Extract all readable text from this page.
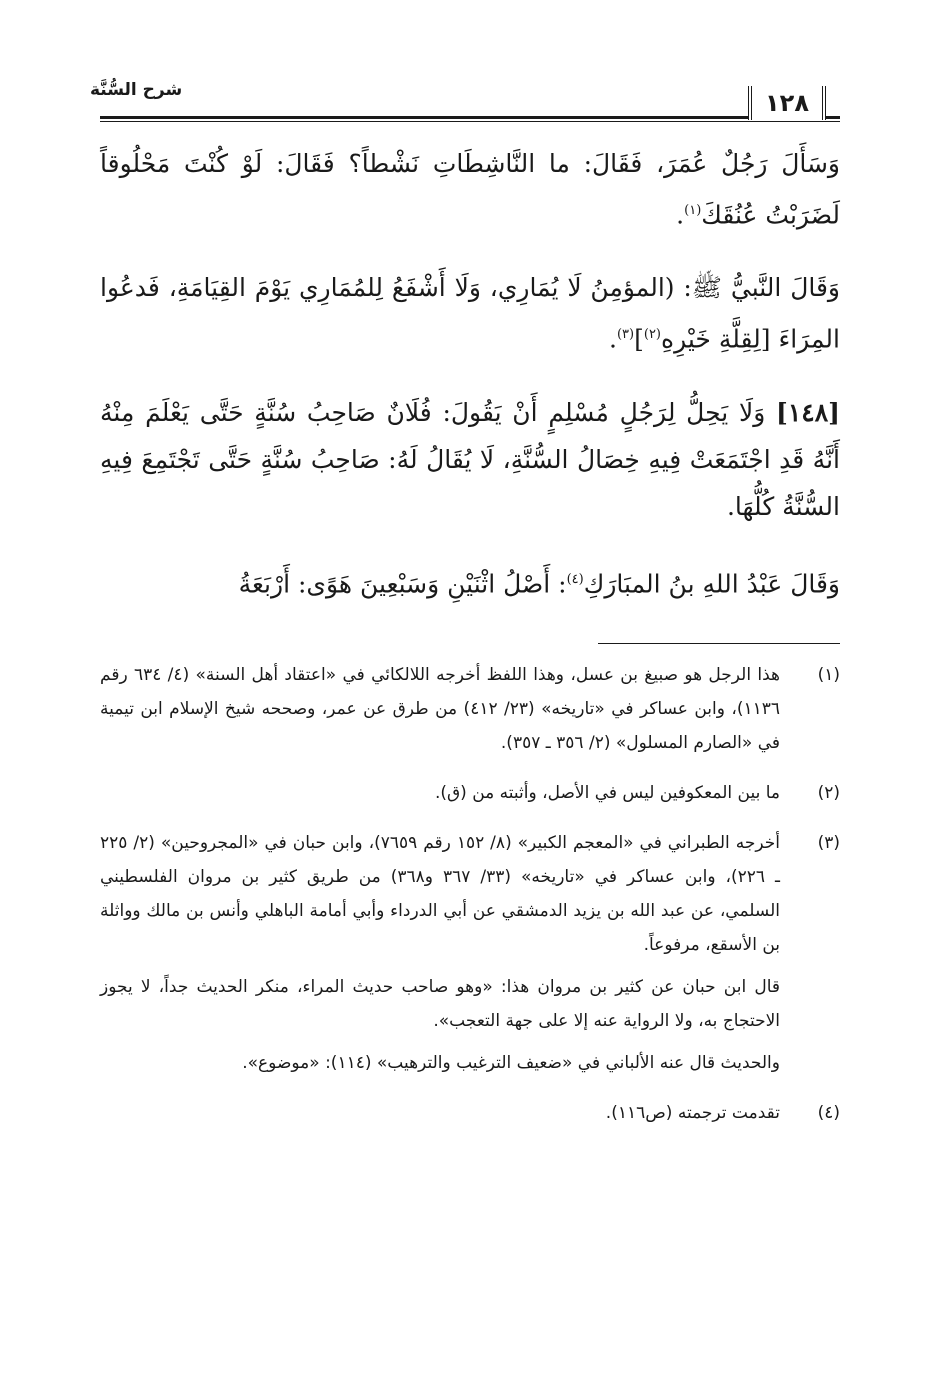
شرح السُّنَّة	١٢٨

وَسَأَلَ رَجُلٌ عُمَرَ، فَقَالَ: ما النَّاشِطَاتِ نَشْطاً؟ فَقَالَ: لَوْ كُنْتَ مَحْلُوقاً لَضَرَبْتُ عُنُقَكَ$^{(١)}$.

وَقَالَ النَّبيُّ ﷺ: (المؤمِنُ لَا يُمَارِي، وَلَا أَشْفَعُ لِلمُمَارِي يَوْمَ القِيَامَةِ، فَدعُوا المِرَاءَ [لِقِلَّةِ خَيْرِهِ$^{(٢)}$]$^{(٣)}$.

[١٤٨] وَلَا يَحِلُّ لِرَجُلٍ مُسْلِمٍ أَنْ يَقُولَ: فُلَانٌ صَاحِبُ سُنَّةٍ حَتَّى يَعْلَمَ مِنْهُ أَنَّهُ قَدِ اجْتَمَعَتْ فِيهِ خِصَالُ السُّنَّةِ، لَا يُقَالُ لَهُ: صَاحِبُ سُنَّةٍ حَتَّى تَجْتَمِعَ فِيهِ السُّنَّةُ كُلُّهَا.

وَقَالَ عَبْدُ اللهِ بنُ المبَارَكِ$^{(٤)}$: أَصْلُ اثْنَيْنِ وَسَبْعِينَ هَوًى: أَرْبَعَةُ

(١)

هذا الرجل هو صبيغ بن عسل، وهذا اللفظ أخرجه اللالكائي في «اعتقاد أهل السنة» (٤/ ٦٣٤ رقم ١١٣٦)، وابن عساكر في «تاريخه» (٢٣/ ٤١٢) من طرق عن عمر، وصححه شيخ الإسلام ابن تيمية في «الصارم المسلول» (٢/ ٣٥٦ ـ ٣٥٧).

(٢)

ما بين المعكوفين ليس في الأصل، وأثبته من (ق).

(٣)

أخرجه الطبراني في «المعجم الكبير» (٨/ ١٥٢ رقم ٧٦٥٩)، وابن حبان في «المجروحين» (٢/ ٢٢٥ ـ ٢٢٦)، وابن عساكر في «تاريخه» (٣٣/ ٣٦٧ و٣٦٨) من طريق كثير بن مروان الفلسطيني السلمي، عن عبد الله بن يزيد الدمشقي عن أبي الدرداء وأبي أمامة الباهلي وأنس بن مالك وواثلة بن الأسقع، مرفوعاً.

قال ابن حبان عن كثير بن مروان هذا: «وهو صاحب حديث المراء، منكر الحديث جداً، لا يجوز الاحتجاج به، ولا الرواية عنه إلا على جهة التعجب».

والحديث قال عنه الألباني في «ضعيف الترغيب والترهيب» (١١٤): «موضوع».

(٤)

تقدمت ترجمته (ص١١٦).
